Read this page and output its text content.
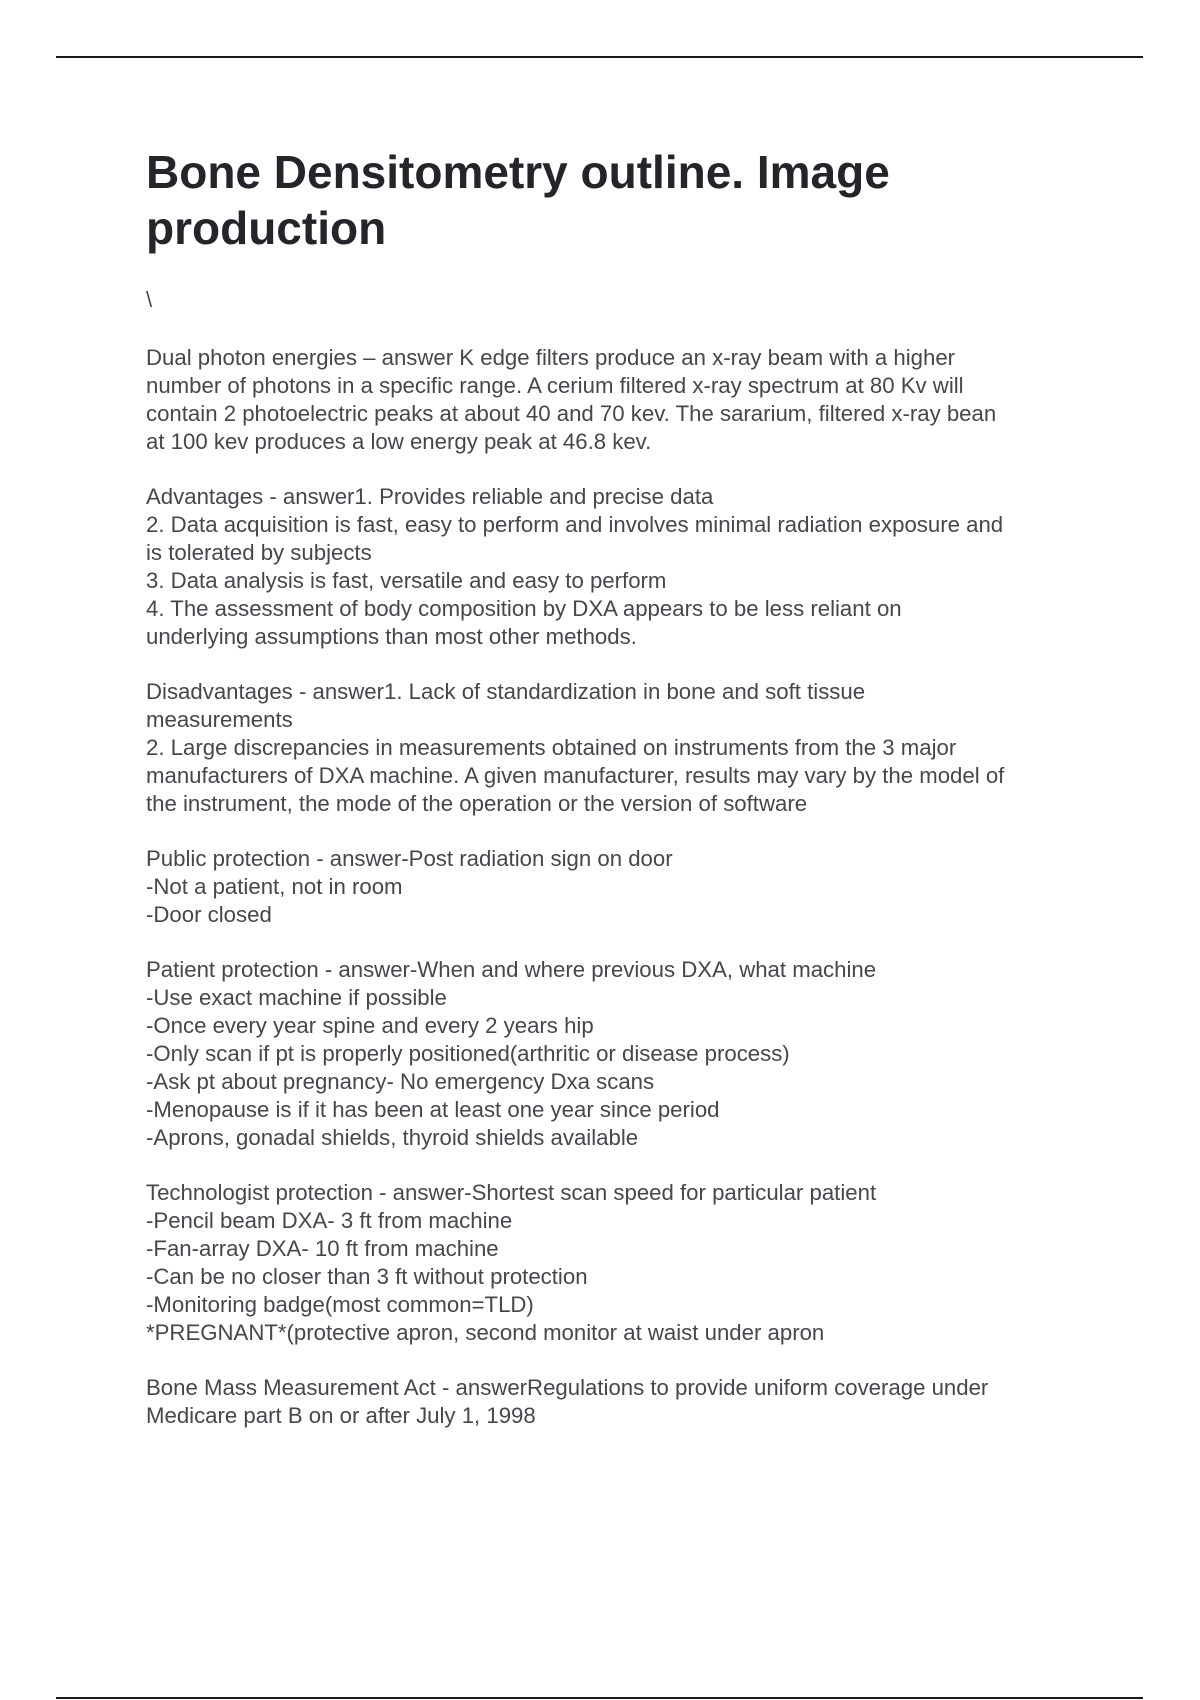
Bone Densitometry outline. Image
production

\

Dual photon energies – answer K edge filters produce an x-ray beam with a higher
number of photons in a specific range. A cerium filtered x-ray spectrum at 80 Kv will
contain 2 photoelectric peaks at about 40 and 70 kev. The sararium, filtered x-ray bean
at 100 kev produces a low energy peak at 46.8 kev.

Advantages - answer1. Provides reliable and precise data
2. Data acquisition is fast, easy to perform and involves minimal radiation exposure and
is tolerated by subjects
3. Data analysis is fast, versatile and easy to perform
4. The assessment of body composition by DXA appears to be less reliant on
underlying assumptions than most other methods.

Disadvantages - answer1. Lack of standardization in bone and soft tissue
measurements
2. Large discrepancies in measurements obtained on instruments from the 3 major
manufacturers of DXA machine. A given manufacturer, results may vary by the model of
the instrument, the mode of the operation or the version of software

Public protection - answer-Post radiation sign on door
-Not a patient, not in room
-Door closed

Patient protection - answer-When and where previous DXA, what machine
-Use exact machine if possible
-Once every year spine and every 2 years hip
-Only scan if pt is properly positioned(arthritic or disease process)
-Ask pt about pregnancy- No emergency Dxa scans
-Menopause is if it has been at least one year since period
-Aprons, gonadal shields, thyroid shields available

Technologist protection - answer-Shortest scan speed for particular patient
-Pencil beam DXA- 3 ft from machine
-Fan-array DXA- 10 ft from machine
-Can be no closer than 3 ft without protection
-Monitoring badge(most common=TLD)
*PREGNANT*(protective apron, second monitor at waist under apron

Bone Mass Measurement Act - answerRegulations to provide uniform coverage under
Medicare part B on or after July 1, 1998
